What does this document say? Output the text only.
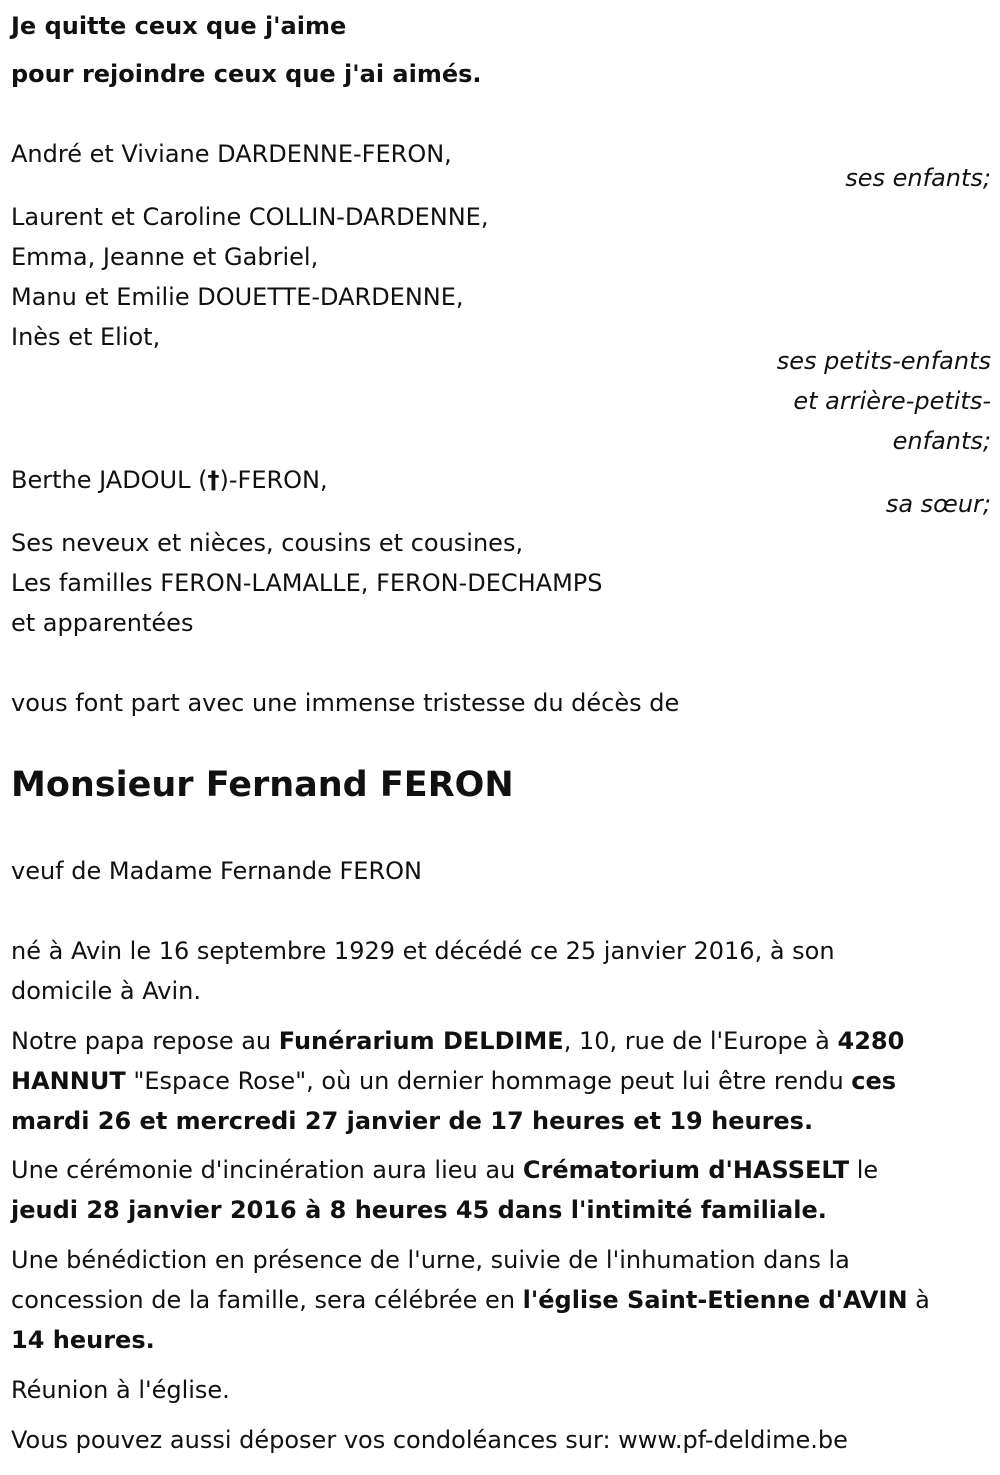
Je quitte ceux que j'aime
pour rejoindre ceux que j'ai aimés.
André et Viviane DARDENNE-FERON,
ses enfants;
Laurent et Caroline COLLIN-DARDENNE,
Emma, Jeanne et Gabriel,
Manu et Emilie DOUETTE-DARDENNE,
Inès et Eliot,
ses petits-enfants
et arrière-petits-
enfants;
Berthe JADOUL (†)-FERON,
sa sœur;
Ses neveux et nièces, cousins et cousines,
Les familles FERON-LAMALLE, FERON-DECHAMPS
et apparentées
vous font part avec une immense tristesse du décès de
Monsieur Fernand FERON
veuf de Madame Fernande FERON
né à Avin le 16 septembre 1929 et décédé ce 25 janvier 2016, à son
domicile à Avin.
Notre papa repose au Funérarium DELDIME, 10, rue de l'Europe à 4280
HANNUT "Espace Rose", où un dernier hommage peut lui être rendu ces
mardi 26 et mercredi 27 janvier de 17 heures et 19 heures.
Une cérémonie d'incinération aura lieu au Crématorium d'HASSELT le
jeudi 28 janvier 2016 à 8 heures 45 dans l'intimité familiale.
Une bénédiction en présence de l'urne, suivie de l'inhumation dans la
concession de la famille, sera célébrée en l'église Saint-Etienne d'AVIN à
14 heures.
Réunion à l'église.
Vous pouvez aussi déposer vos condoléances sur: www.pf-deldime.be
